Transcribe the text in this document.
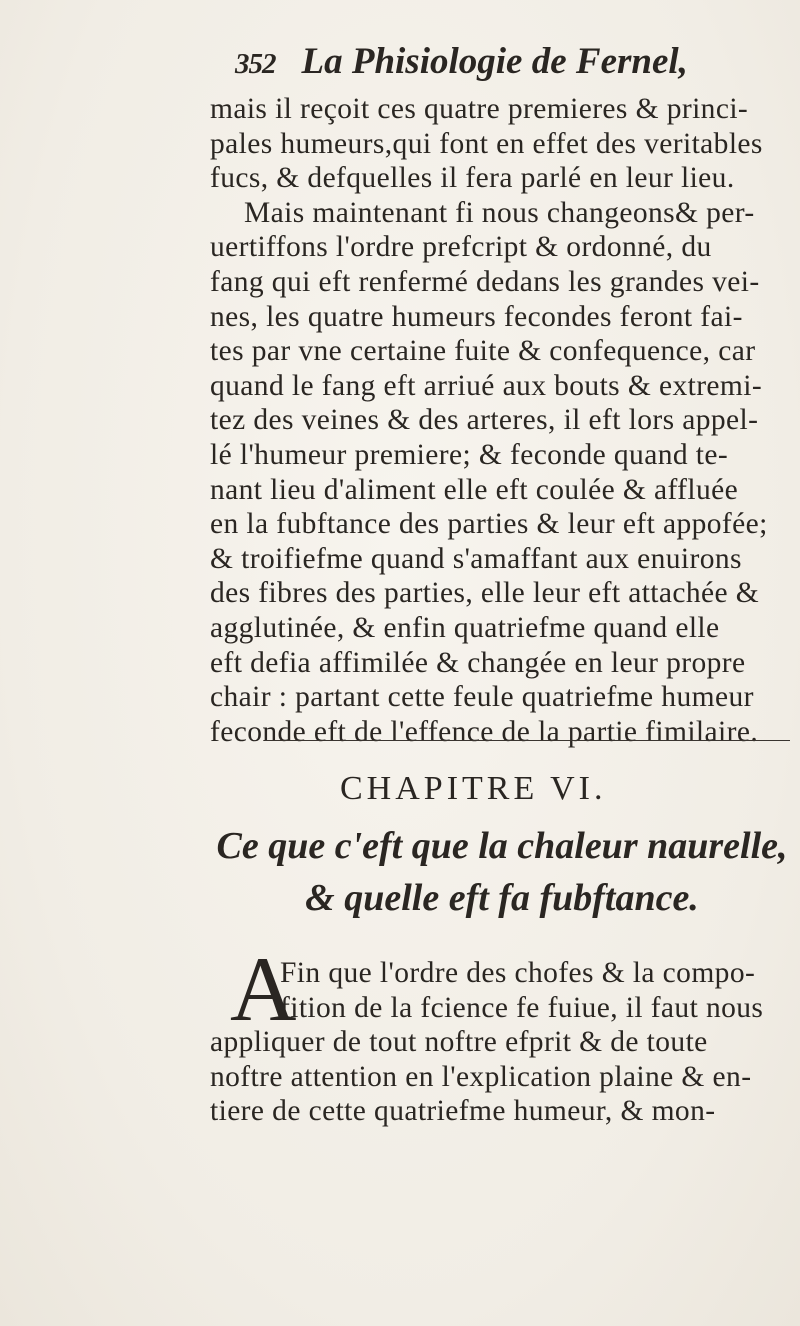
352 La Phisiologie de Fernel,
mais il reçoit ces quatre premieres & princi-
pales humeurs,qui font en effet des veritables
fucs, & defquelles il fera parlé en leur lieu.
Mais maintenant fi nous changeons& per-
uertiffons l'ordre prefcript & ordonné, du
fang qui eft renfermé dedans les grandes vei-
nes, les quatre humeurs fecondes feront fai-
tes par vne certaine fuite & confequence, car
quand le fang eft arriué aux bouts & extremi-
tez des veines & des arteres, il eft lors appel-
lé l'humeur premiere; & feconde quand te-
nant lieu d'aliment elle eft coulée & affluée
en la fubftance des parties & leur eft appofée;
& troifiefme quand s'amaffant aux enuirons
des fibres des parties, elle leur eft attachée &
agglutinée, & enfin quatriefme quand elle
eft defia affimilée & changée en leur propre
chair : partant cette feule quatriefme humeur
feconde eft de l'effence de la partie fimilaire.
CHAPITRE VI.
Ce que c'eft que la chaleur naurelle,
& quelle eft fa fubftance.
A
Fin que l'ordre des chofes & la compo-
fition de la fcience fe fuiue, il faut nous
appliquer de tout noftre efprit & de toute
noftre attention en l'explication plaine & en-
tiere de cette quatriefme humeur, & mon-
